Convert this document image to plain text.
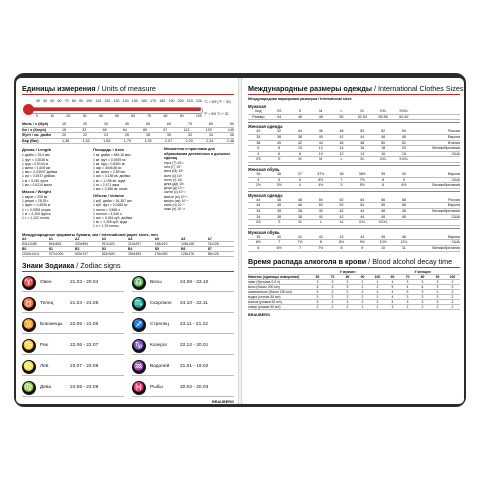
Единицы измерения / Units of measure
30 40 50 60 70 80 90 100 110 120 130 140 150 160 170 180 190 200 210 220
0	10	20	30	40	50	60	70	80	90	100
°C = 5/9 (°F − 32)
°F = 9/5 °C + 32
Миль / ч (Mph)	10	20	30	40	50	60	70	80	90
Км / ч (Kmph)	16	32	48	64	80	97	113	129	145
Фунт / кв. дюйм	20	22	24	26	28	30	32	34	36
Бар (Bar)	1,38	1,52	1,65	1,79	1,93	2,07	2,20	2,34	2,48
Длина / Length
1 дюйм = 25,4 мм
1 фут = 0,3048 м
1 ярд = 0,9144 м
1 миля = 1,609 км
1 мм = 0,03937 дюйма
1 см = 0,3937 дюйма
1 м = 3,281 фута
1 км = 0,6214 мили
Масса / Weight
1 карат = 200 мг
1 унция = 28,35 г
1 фунт = 0,4536 кг
1 г = 0,0353 унции
1 кг = 2,205 фунта
1 т = 1,102 тонны
Площадь / Area
1 кв. дюйм = 645,16 мм²
1 кв. фут = 0,0929 м²
1 кв. ярд = 0,8361 м²
1 акр = 4046,86 м²
1 кв. миля = 2,59 км²
1 см² = 0,155 кв. дюйма
1 м² = 1,196 кв. ярда
1 га = 2,471 акра
1 км² = 0,386 кв. мили
Объем / Volume
1 куб. дюйм = 16,387 см³
1 куб. фут = 0,0283 м³
1 пинта = 0,568 л
1 галлон = 4,546 л
1 см³ = 0,061 куб. дюйма
1 м³ = 1,308 куб. ярда
1 л = 1,76 пинты
Множители и приставки для образования десятичных и дольных единиц
тера (Т) 10¹²
гига (Г) 10⁹
мега (М) 10⁶
кило (к) 10³
гекто (г) 10²
дека (да) 10¹
деци (д) 10⁻¹
санти (с) 10⁻²
милли (м) 10⁻³
микро (мк) 10⁻⁶
нано (н) 10⁻⁹
пико (п) 10⁻¹²
Международные форматы бумаги, мм / International paper sizes, mm
A0	A1	A2	A3	A4	A5	A6	A7
841x1189	594x841	420x594	297x420	210x297	148x210	105x148	74x105
B0	B1	B2	B3	B4	B5	B6	B7
1000x1414	707x1000	500x707	353x500	250x353	176x250	125x176	88x125
Знаки Зодиака / Zodiac signs
♈ Овен	21.03 - 20.04	♎ Весы	24.09 - 23.10
♉ Телец	21.04 - 21.05	♏ Скорпион	24.10 - 22.11
♊ Близнецы	22.05 - 21.06	♐ Стрелец	23.11 - 21.12
♋ Рак	22.06 - 22.07	♑ Козерог	22.12 - 20.01
♌ Лев	23.07 - 23.08	♒ Водолей	21.01 - 19.02
♍ Дева	24.08 - 23.09	♓ Рыбы	20.02 - 20.03
BRAUBERG
Международные размеры одежды / International Clothes Sizes
Международная маркировка размеров / International sizes
Мужская
Код	XS	S	M	L	XL	XXL	XXXL
Размер	44	46	48	50	52-54	56-58	60-62
Женская одежда
40	42	44	46	48	50	52	54	Россия
34	36	38	40	42	44	46	48	Европа
38	40	42	44	46	48	50	52	Италия
6	8	10	12	14	16	18	20	Великобритания
4	6	8	10	12	14	16	18	США
XS	S	M	M	L	XL	XXL	XXXL
Женская обувь
35	36	37	37½	38	38½	39	40	Европа
4	5	6	6½	7	7½	8	9	США
2½	3½	4	4½	5	5½	6	6½	Великобритания
Мужская одежда
44	46	48	50	52	54	56	58	Россия
44	46	48	50	52	54	56	58	Европа
34	36	38	40	42	44	46	48	Великобритания
34	36	38	40	42	44	46	48	США
XS	S	M	L	XL	XXL	XXXL
Мужская обувь
39	40	41	42	43	44	45	46	Европа
6½	7	7½	8	8½	9½	10½	11½	США
6	6½	7	7½	8	9	10	11	Великобритания
Время распада алкоголя в крови / Blood alcohol decay time
У мужчин	У женщин
Напиток (единицы измерения)	60	70	80	90	100	60	70	80	90	100
пиво (бутылка 0,5 л)	3	3	2	2	1	4	3	3	3	2
вино (бокал 200 мл)	4	3	3	2	2	5	4	4	3	3
шампанское (бокал 150 мл)	3	2	2	2	1	4	3	3	2	2
водка (стопка 50 мл)	3	3	2	2	2	4	3	3	3	2
коньяк (рюмка 50 мл)	3	3	2	2	2	4	3	3	3	2
ликер (рюмка 50 мл)	2	2	2	1	1	3	2	2	2	2
BRAUBERG
